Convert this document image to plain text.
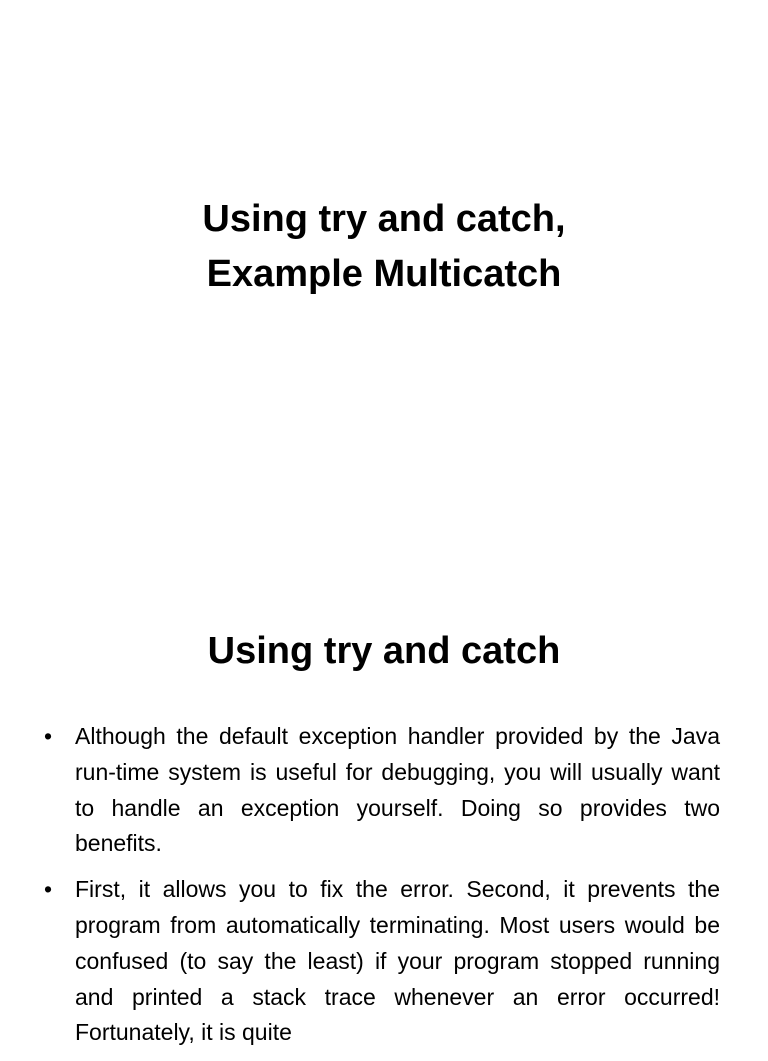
Using try and catch,
Example Multicatch
Using try and catch
• Although the default exception handler provided by the Java run-time system is useful for debugging, you will usually want to handle an exception yourself. Doing so provides two benefits.
• First, it allows you to fix the error. Second, it prevents the program from automatically terminating. Most users would be confused (to say the least) if your program stopped running and printed a stack trace whenever an error occurred! Fortunately, it is quite
